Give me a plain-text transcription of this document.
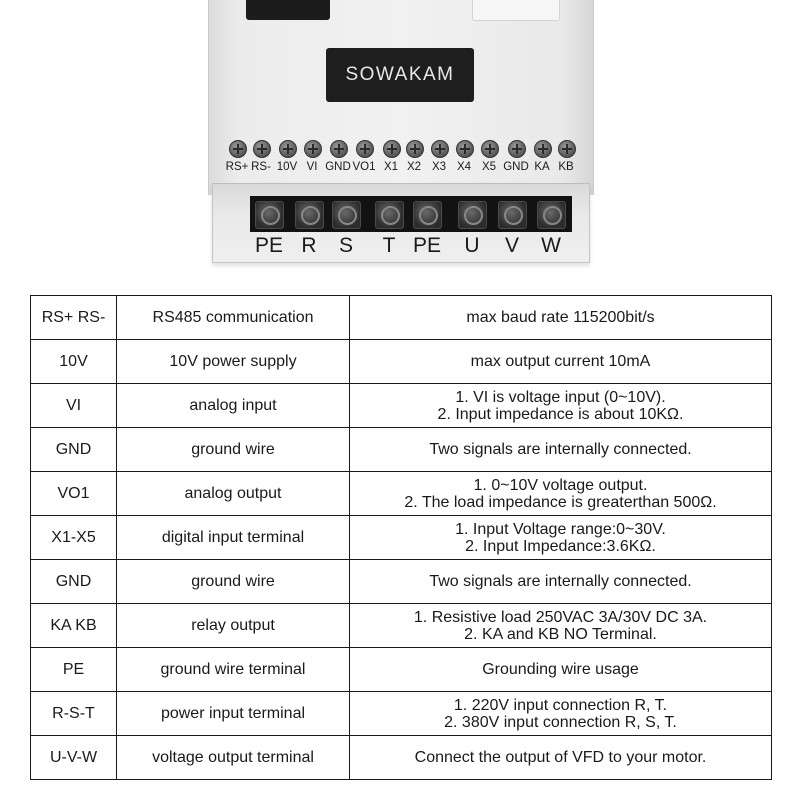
SOWAKAM
RS+ RS- 10V VI GND VO1 X1 X2 X3 X4 X5 GND KA KB
PE R S T PE U V W
RS+ RS-	RS485 communication	max baud rate 115200bit/s

10V	10V power supply	max output current 10mA

VI	analog input	1. VI is voltage input (0~10V).
2. Input impedance is about 10KΩ.

GND	ground wire	Two signals are internally connected.

VO1	analog output	1. 0~10V voltage output.
2. The load impedance is greaterthan 500Ω.

X1-X5	digital input terminal	1. Input Voltage range:0~30V.
2. Input Impedance:3.6KΩ.

GND	ground wire	Two signals are internally connected.

KA KB	relay output	1. Resistive load 250VAC 3A/30V DC 3A.
2. KA and KB NO Terminal.

PE	ground wire terminal	Grounding wire usage

R-S-T	power input terminal	1. 220V input connection R, T.
2. 380V input connection R, S, T.

U-V-W	voltage output terminal	Connect the output of VFD to your motor.
